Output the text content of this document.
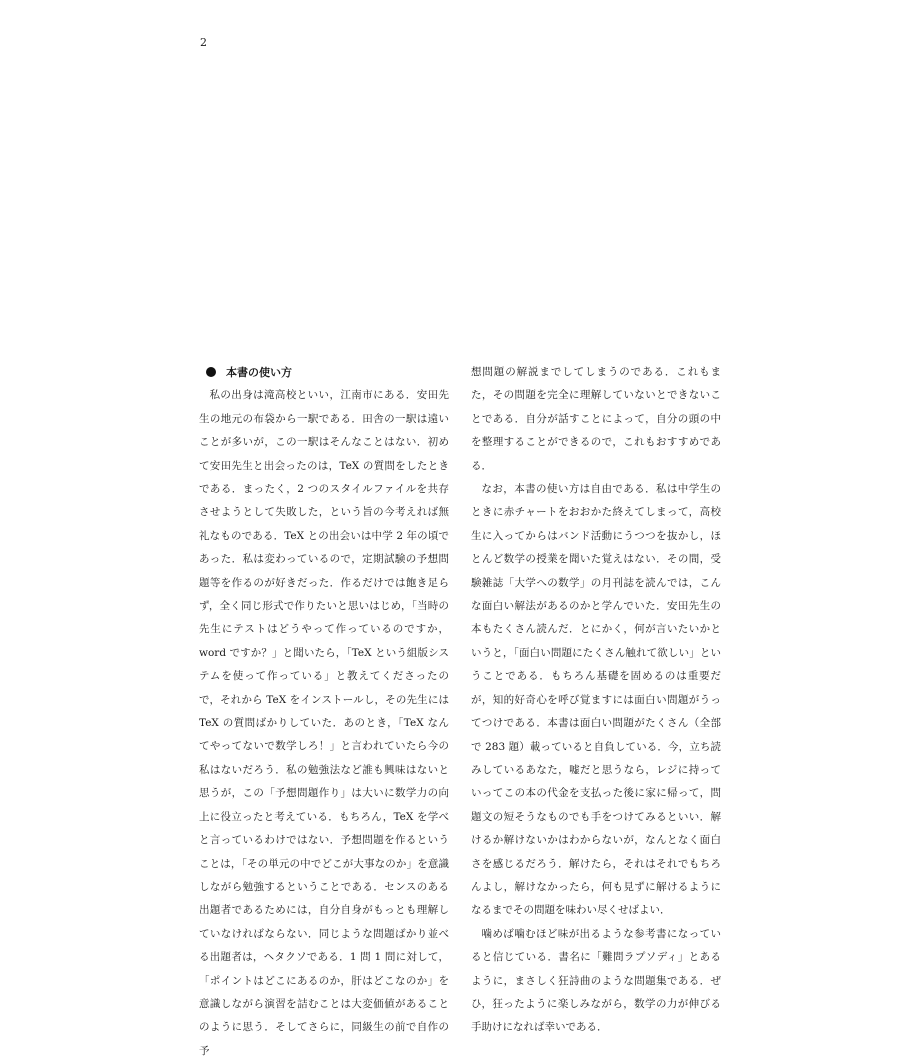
2
本書の使い方

私の出身は滝高校といい，江南市にある．安田先生の地元の布袋から一駅である．田舎の一駅は遠いことが多いが，この一駅はそんなことはない．初めて安田先生と出会ったのは，TeX の質問をしたときである．まったく，2 つのスタイルファイルを共存させようとして失敗した，という旨の今考えれば無礼なものである．TeX との出会いは中学 2 年の頃であった．私は変わっているので，定期試験の予想問題等を作るのが好きだった．作るだけでは飽き足らず，全く同じ形式で作りたいと思いはじめ，「当時の先生にテストはどうやって作っているのですか，word ですか？」と聞いたら，「TeX という組版システムを使って作っている」と教えてくださったので，それから TeX をインストールし，その先生には TeX の質問ばかりしていた．あのとき，「TeX なんてやってないで数学しろ！」と言われていたら今の私はないだろう．私の勉強法など誰も興味はないと思うが，この「予想問題作り」は大いに数学力の向上に役立ったと考えている．もちろん，TeX を学べと言っているわけではない．予想問題を作るということは，「その単元の中でどこが大事なのか」を意識しながら勉強するということである．センスのある出題者であるためには，自分自身がもっとも理解していなければならない．同じような問題ばかり並べる出題者は，ヘタクソである．1 問 1 問に対して，「ポイントはどこにあるのか，肝はどこなのか」を意識しながら演習を詰むことは大変価値があることのように思う．そしてさらに，同級生の前で自作の予

想問題の解説までしてしまうのである．これもまた，その問題を完全に理解していないとできないことである．自分が話すことによって，自分の頭の中を整理することができるので，これもおすすめである．

なお，本書の使い方は自由である．私は中学生のときに赤チャートをおおかた終えてしまって，高校生に入ってからはバンド活動にうつつを抜かし，ほとんど数学の授業を聞いた覚えはない．その間，受験雑誌「大学への数学」の月刊誌を読んでは，こんな面白い解法があるのかと学んでいた．安田先生の本もたくさん読んだ．とにかく，何が言いたいかというと，「面白い問題にたくさん触れて欲しい」ということである．もちろん基礎を固めるのは重要だが，知的好奇心を呼び覚ますには面白い問題がうってつけである．本書は面白い問題がたくさん（全部で 283 題）載っていると自負している．今，立ち読みしているあなた，嘘だと思うなら，レジに持っていってこの本の代金を支払った後に家に帰って，問題文の短そうなものでも手をつけてみるといい．解けるか解けないかはわからないが，なんとなく面白さを感じるだろう．解けたら，それはそれでもちろんよし，解けなかったら，何も見ずに解けるようになるまでその問題を味わい尽くせばよい．

噛めば噛むほど味が出るような参考書になっていると信じている．書名に「難問ラプソディ」とあるように，まさしく狂詩曲のような問題集である．ぜひ，狂ったように楽しみながら，数学の力が伸びる手助けになれば幸いである．
